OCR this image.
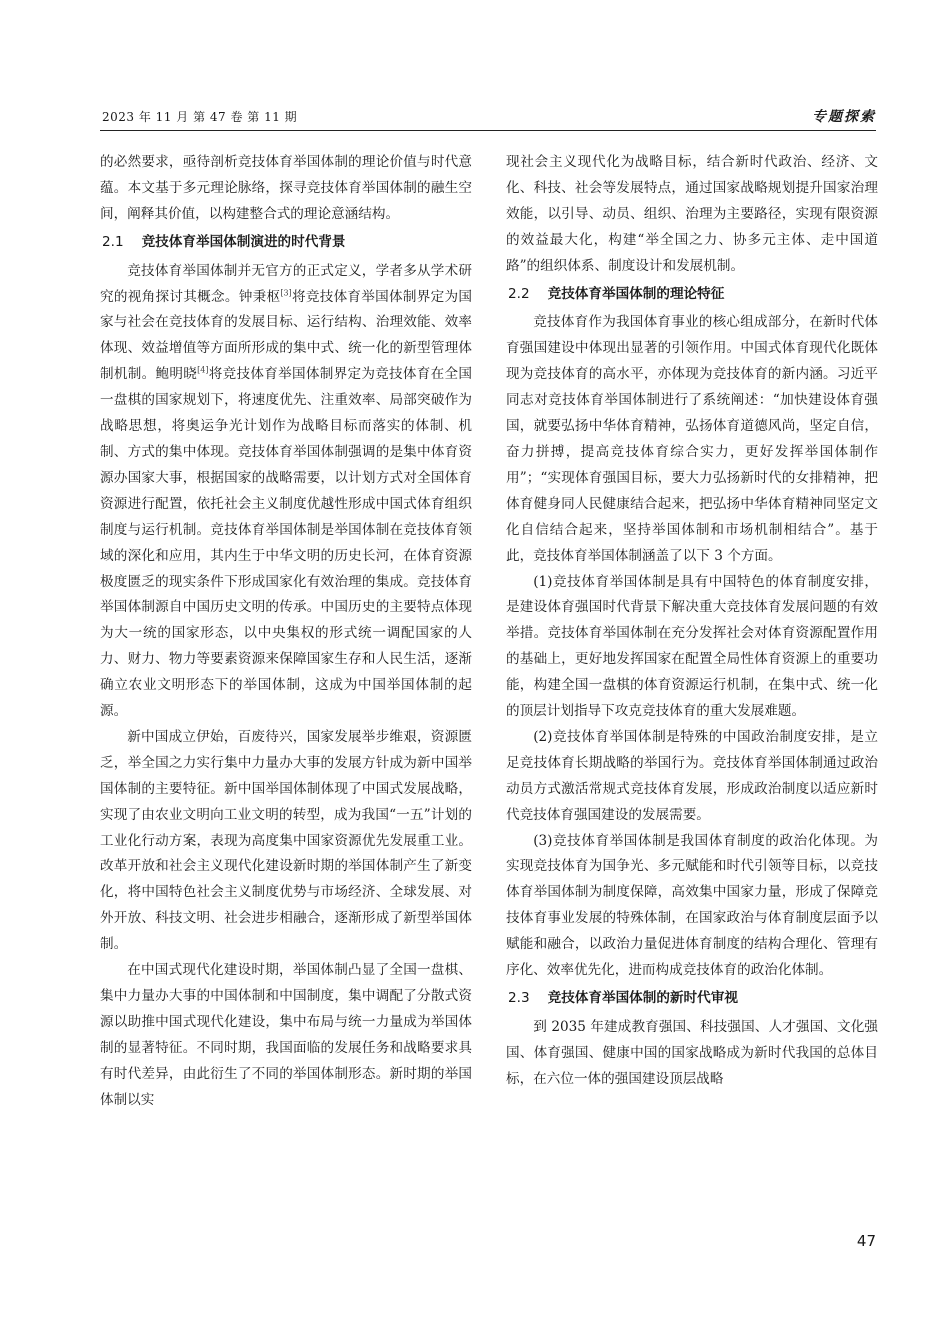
2023 年 11 月 第 47 卷 第 11 期	专题探索

的必然要求，亟待剖析竞技体育举国体制的理论价值与时代意蕴。本文基于多元理论脉络，探寻竞技体育举国体制的融生空间，阐释其价值，以构建整合式的理论意涵结构。

2.1 竞技体育举国体制演进的时代背景

竞技体育举国体制并无官方的正式定义，学者多从学术研究的视角探讨其概念。钟秉枢[3]将竞技体育举国体制界定为国家与社会在竞技体育的发展目标、运行结构、治理效能、效率体现、效益增值等方面所形成的集中式、统一化的新型管理体制机制。鲍明晓[4]将竞技体育举国体制界定为竞技体育在全国一盘棋的国家规划下，将速度优先、注重效率、局部突破作为战略思想，将奥运争光计划作为战略目标而落实的体制、机制、方式的集中体现。竞技体育举国体制强调的是集中体育资源办国家大事，根据国家的战略需要，以计划方式对全国体育资源进行配置，依托社会主义制度优越性形成中国式体育组织制度与运行机制。竞技体育举国体制是举国体制在竞技体育领域的深化和应用，其内生于中华文明的历史长河，在体育资源极度匮乏的现实条件下形成国家化有效治理的集成。竞技体育举国体制源自中国历史文明的传承。中国历史的主要特点体现为大一统的国家形态，以中央集权的形式统一调配国家的人力、财力、物力等要素资源来保障国家生存和人民生活，逐渐确立农业文明形态下的举国体制，这成为中国举国体制的起源。

新中国成立伊始，百废待兴，国家发展举步维艰，资源匮乏，举全国之力实行集中力量办大事的发展方针成为新中国举国体制的主要特征。新中国举国体制体现了中国式发展战略，实现了由农业文明向工业文明的转型，成为我国“一五”计划的工业化行动方案，表现为高度集中国家资源优先发展重工业。改革开放和社会主义现代化建设新时期的举国体制产生了新变化，将中国特色社会主义制度优势与市场经济、全球发展、对外开放、科技文明、社会进步相融合，逐渐形成了新型举国体制。

在中国式现代化建设时期，举国体制凸显了全国一盘棋、集中力量办大事的中国体制和中国制度，集中调配了分散式资源以助推中国式现代化建设，集中布局与统一力量成为举国体制的显著特征。不同时期，我国面临的发展任务和战略要求具有时代差异，由此衍生了不同的举国体制形态。新时期的举国体制以实

现社会主义现代化为战略目标，结合新时代政治、经济、文化、科技、社会等发展特点，通过国家战略规划提升国家治理效能，以引导、动员、组织、治理为主要路径，实现有限资源的效益最大化，构建“举全国之力、协多元主体、走中国道路”的组织体系、制度设计和发展机制。

2.2 竞技体育举国体制的理论特征

竞技体育作为我国体育事业的核心组成部分，在新时代体育强国建设中体现出显著的引领作用。中国式体育现代化既体现为竞技体育的高水平，亦体现为竞技体育的新内涵。习近平同志对竞技体育举国体制进行了系统阐述：“加快建设体育强国，就要弘扬中华体育精神，弘扬体育道德风尚，坚定自信，奋力拼搏，提高竞技体育综合实力，更好发挥举国体制作用”；“实现体育强国目标，要大力弘扬新时代的女排精神，把体育健身同人民健康结合起来，把弘扬中华体育精神同坚定文化自信结合起来，坚持举国体制和市场机制相结合”。基于此，竞技体育举国体制涵盖了以下 3 个方面。

(1)竞技体育举国体制是具有中国特色的体育制度安排，是建设体育强国时代背景下解决重大竞技体育发展问题的有效举措。竞技体育举国体制在充分发挥社会对体育资源配置作用的基础上，更好地发挥国家在配置全局性体育资源上的重要功能，构建全国一盘棋的体育资源运行机制，在集中式、统一化的顶层计划指导下攻克竞技体育的重大发展难题。

(2)竞技体育举国体制是特殊的中国政治制度安排，是立足竞技体育长期战略的举国行为。竞技体育举国体制通过政治动员方式激活常规式竞技体育发展，形成政治制度以适应新时代竞技体育强国建设的发展需要。

(3)竞技体育举国体制是我国体育制度的政治化体现。为实现竞技体育为国争光、多元赋能和时代引领等目标，以竞技体育举国体制为制度保障，高效集中国家力量，形成了保障竞技体育事业发展的特殊体制，在国家政治与体育制度层面予以赋能和融合，以政治力量促进体育制度的结构合理化、管理有序化、效率优先化，进而构成竞技体育的政治化体制。

2.3 竞技体育举国体制的新时代审视

到 2035 年建成教育强国、科技强国、人才强国、文化强国、体育强国、健康中国的国家战略成为新时代我国的总体目标，在六位一体的强国建设顶层战略

47
